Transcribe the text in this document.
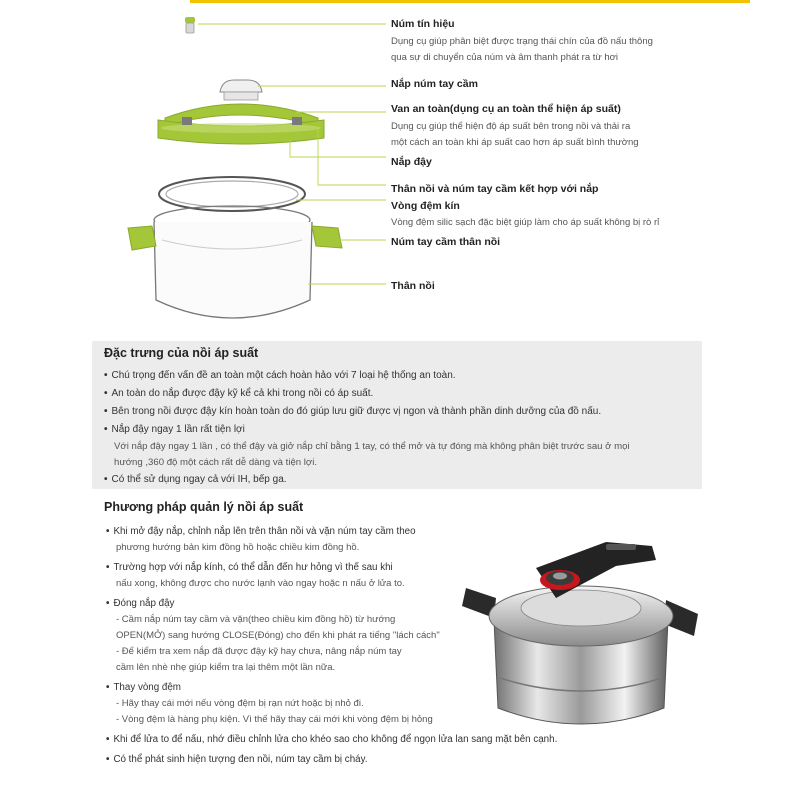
Núm tín hiệu
Dụng cụ giúp phân biệt được trạng thái chín của đồ nấu thông
qua sự di chuyển của núm và âm thanh phát ra từ hơi
Nắp núm tay cầm
Van an toàn(dụng cụ an toàn thể hiện áp suất)
Dụng cụ giúp thể hiện độ áp suất bên trong nồi và thải ra
một cách an toàn khi áp suất cao hơn áp suất bình thường
Nắp đậy
Thân nồi và núm tay cầm kết hợp với nắp
Vòng đệm kín
Vòng đệm silic sạch đặc biệt giúp làm cho áp suất không bị rò rỉ
Núm tay cầm thân nồi
Thân nồi
Đặc trưng của nồi áp suất
• Chú trọng đến vấn đề an toàn một cách hoàn hảo với 7 loại hệ thống an toàn.
• An toàn do nắp được đậy kỹ kể cả khi trong nồi có áp suất.
• Bên trong nồi được đậy kín hoàn toàn do đó giúp lưu giữ được vị ngon và thành phần dinh dưỡng của đồ nấu.
• Nắp đậy ngay 1 lần rất tiện lợi
Với nắp đậy ngay 1 lần , có thể đậy và giở nắp chỉ bằng 1 tay, có thể mở và tự đóng mà không phân biệt trước sau ở mọi
hướng ,360 độ một cách rất dễ dàng và tiện lợi.
• Có thể sử dụng ngay cả với IH, bếp ga.
Phương pháp quản lý nồi áp suất
• Khi mở đậy nắp, chỉnh nắp lên trên thân nồi và vặn núm tay cầm theo
phương hướng bản kim đồng hồ hoặc chiều kim đồng hồ.
• Trường hợp với nắp kính, có thể dẫn đến hư hỏng vì thế sau khi
nấu xong, không được cho nước lạnh vào ngay hoặc n nấu ở lửa to.
• Đóng nắp đậy
- Cầm nắp núm tay cầm và vặn(theo chiều kim đồng hồ) từ hướng
OPEN(MỞ) sang hướng CLOSE(Đóng) cho đến khi phát ra tiếng "lách cách"
- Để kiểm tra xem nắp đã được đậy kỹ hay chưa, nâng nắp núm tay
cầm lên nhè nhẹ giúp kiểm tra lại thêm một lần nữa.
• Thay vòng đệm
- Hãy thay cái mới nếu vòng đệm bị rạn nứt hoặc bị nhỏ đi.
- Vòng đệm là hàng phụ kiện. Vì thế hãy thay cái mới khi vòng đệm bị hỏng
• Khi để lửa to để nấu, nhớ điều chỉnh lửa cho khéo sao cho không để ngọn lửa lan sang mặt bên cạnh.
• Có thể phát sinh hiện tượng đen nồi, núm tay cầm bị cháy.
